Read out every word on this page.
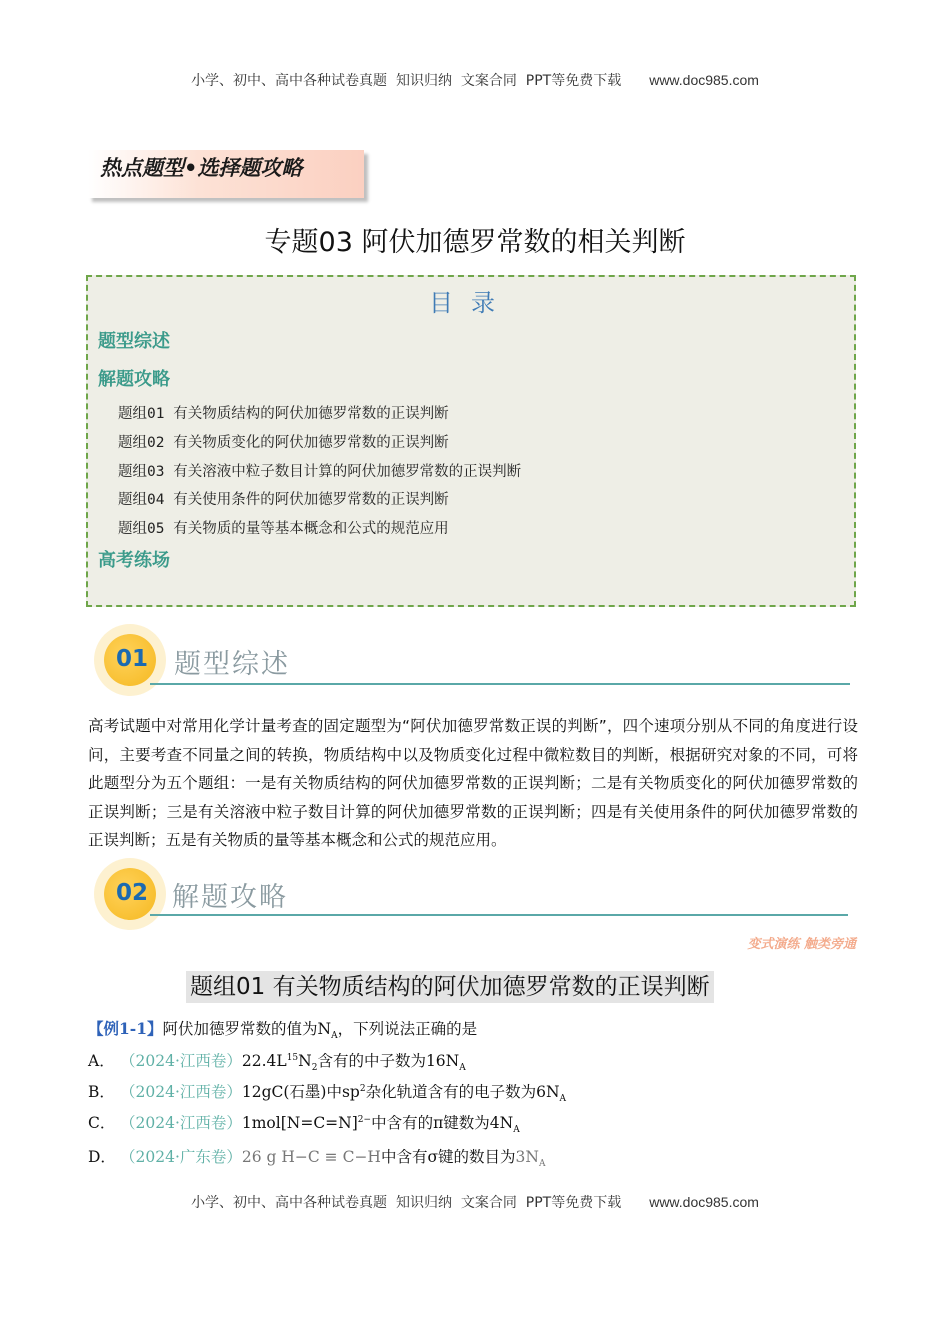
小学、初中、高中各种试卷真题  知识归纳  文案合同  PPT等免费下载 www.doc985.com
热点题型•选择题攻略
专题03 阿伏加德罗常数的相关判断
目录
题型综述
解题攻略
题组01 有关物质结构的阿伏加德罗常数的正误判断
题组02 有关物质变化的阿伏加德罗常数的正误判断
题组03 有关溶液中粒子数目计算的阿伏加德罗常数的正误判断
题组04 有关使用条件的阿伏加德罗常数的正误判断
题组05 有关物质的量等基本概念和公式的规范应用
高考练场
01 题型综述
高考试题中对常用化学计量考查的固定题型为“阿伏加德罗常数正误的判断”，四个速项分别从不同的角度进行设问，主要考查不同量之间的转换，物质结构中以及物质变化过程中微粒数目的判断，根据研究对象的不同，可将此题型分为五个题组：一是有关物质结构的阿伏加德罗常数的正误判断；二是有关物质变化的阿伏加德罗常数的正误判断；三是有关溶液中粒子数目计算的阿伏加德罗常数的正误判断；四是有关使用条件的阿伏加德罗常数的正误判断；五是有关物质的量等基本概念和公式的规范应用。
02 解题攻略
变式演练 触类旁通
题组01 有关物质结构的阿伏加德罗常数的正误判断
【例1-1】阿伏加德罗常数的值为$N_A$，下列说法正确的是
A． （2024·江西卷）$22.4L^{15}N_2$含有的中子数为$16N_A$
B． （2024·江西卷）12gC(石墨)中$sp^2$杂化轨道含有的电子数为$6N_A$
C． （2024·江西卷）1mol[N=C=N]$^{2-}$中含有的π键数为$4N_A$
D． （2024·广东卷）26 g H−C ≡ C−H中含有σ键的数目为$3N_A$
小学、初中、高中各种试卷真题  知识归纳  文案合同  PPT等免费下载 www.doc985.com
